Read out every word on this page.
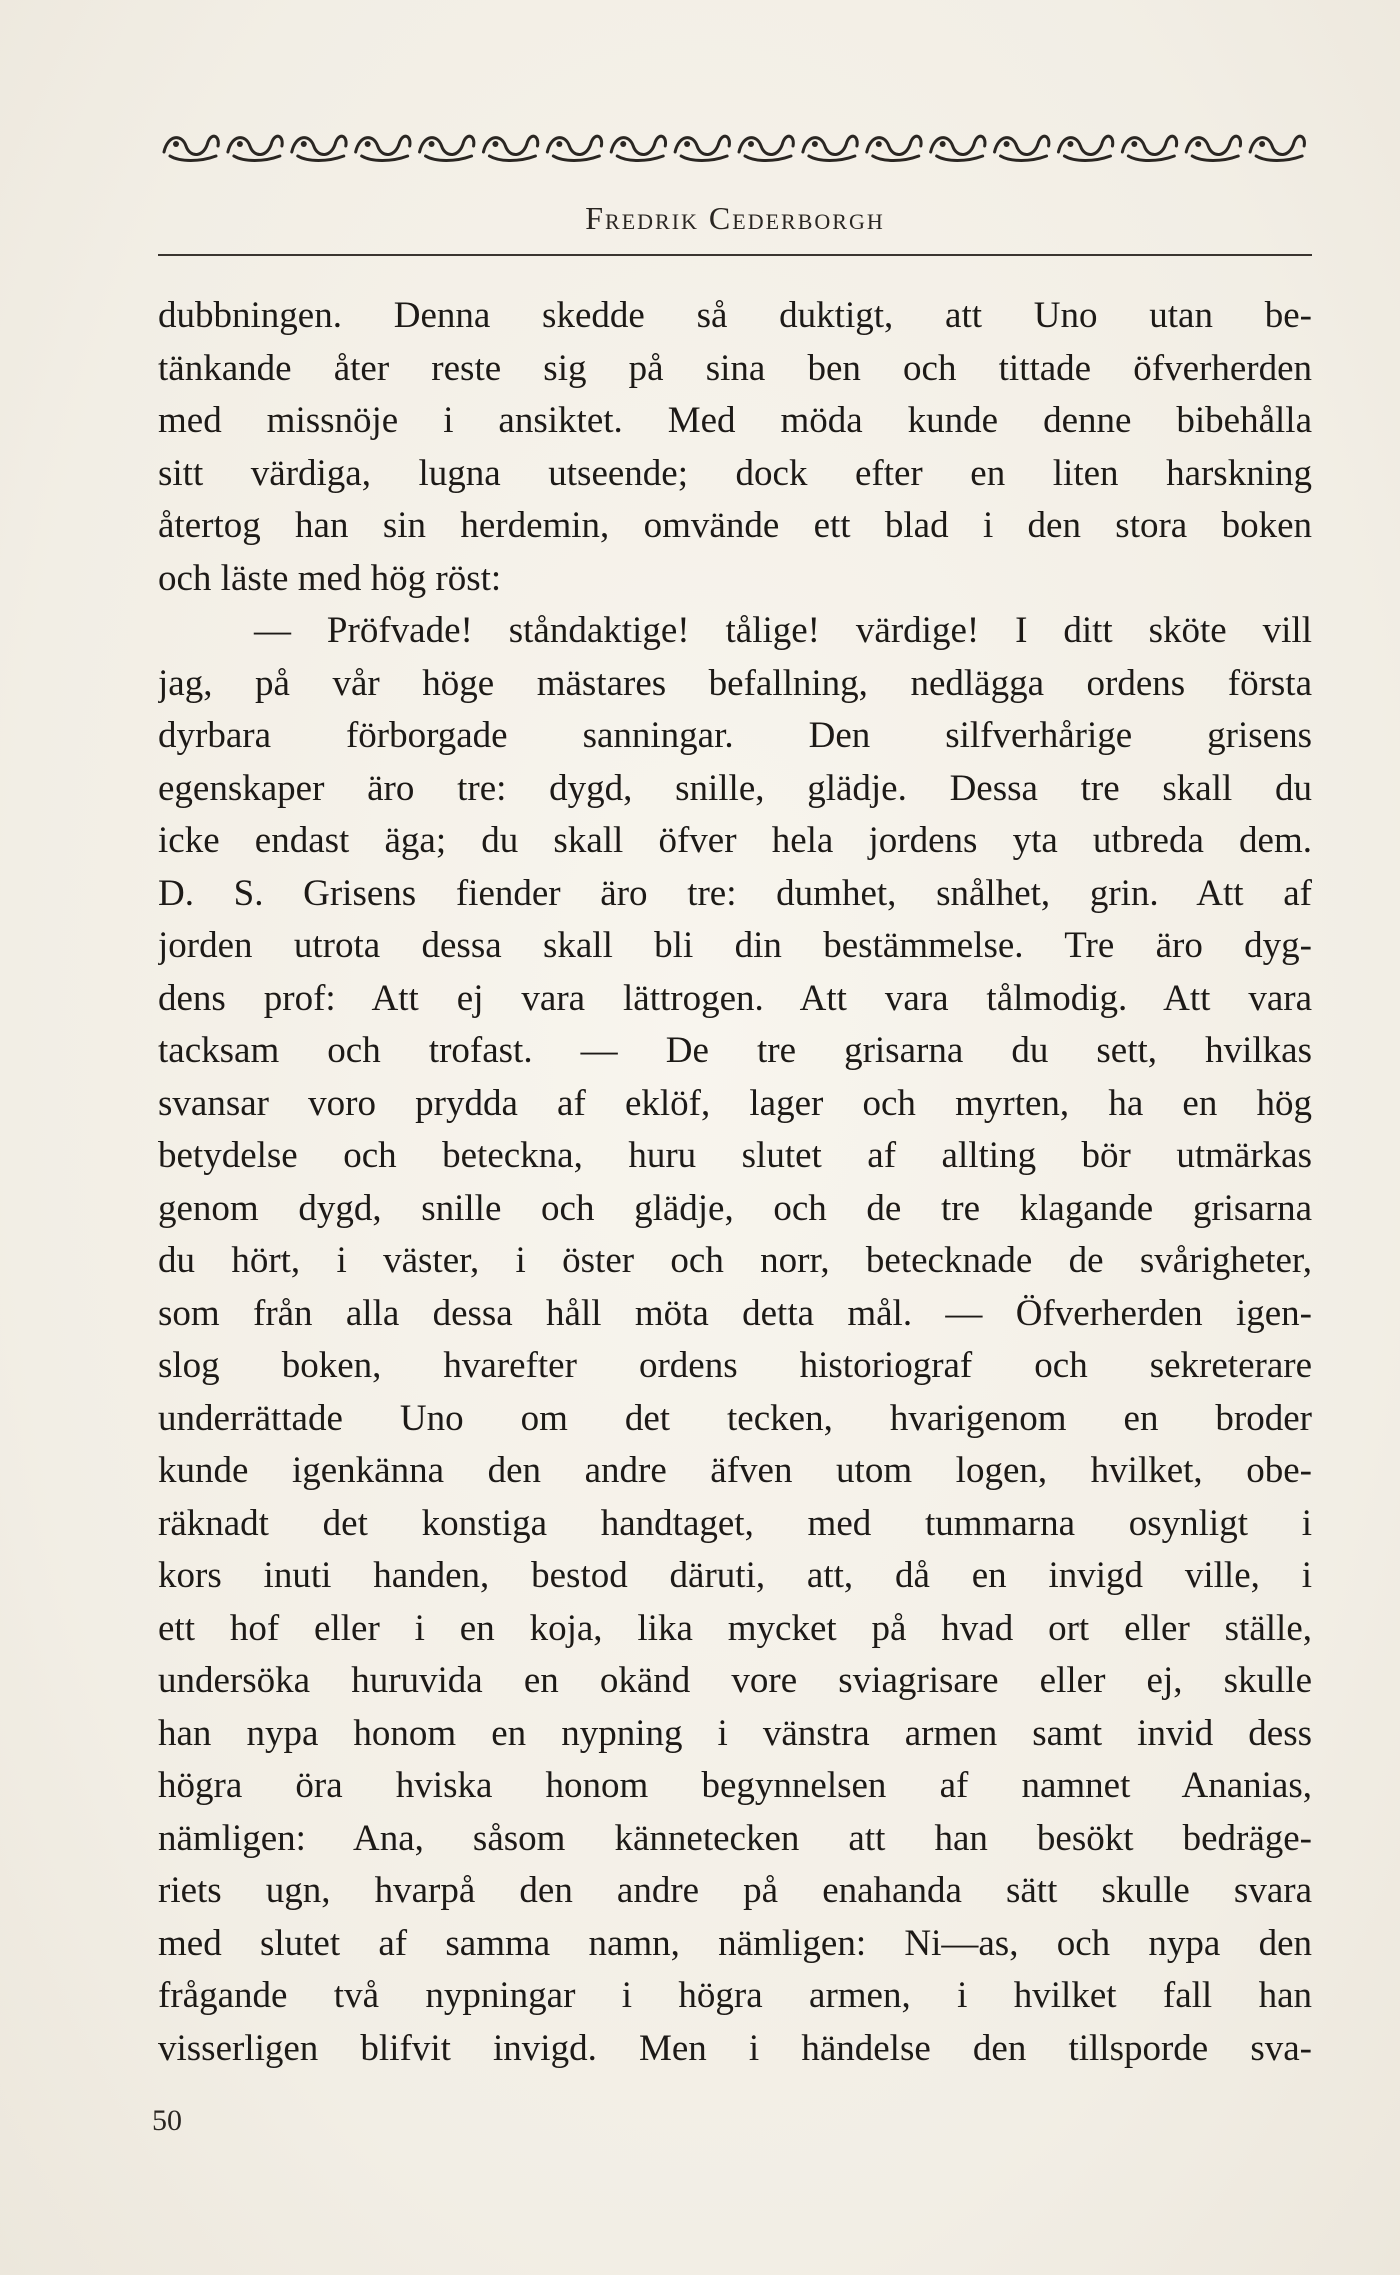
Fredrik Cederborgh
dubbningen. Denna skedde så duktigt, att Uno utan be-
tänkande åter reste sig på sina ben och tittade öfverherden
med missnöje i ansiktet. Med möda kunde denne bibehålla
sitt värdiga, lugna utseende; dock efter en liten harskning
återtog han sin herdemin, omvände ett blad i den stora boken
och läste med hög röst:
— Pröfvade! ståndaktige! tålige! värdige! I ditt sköte vill
jag, på vår höge mästares befallning, nedlägga ordens första
dyrbara förborgade sanningar. Den silfverhårige grisens
egenskaper äro tre: dygd, snille, glädje. Dessa tre skall du
icke endast äga; du skall öfver hela jordens yta utbreda dem.
D. S. Grisens fiender äro tre: dumhet, snålhet, grin. Att af
jorden utrota dessa skall bli din bestämmelse. Tre äro dyg-
dens prof: Att ej vara lättrogen. Att vara tålmodig. Att vara
tacksam och trofast. — De tre grisarna du sett, hvilkas
svansar voro prydda af eklöf, lager och myrten, ha en hög
betydelse och beteckna, huru slutet af allting bör utmärkas
genom dygd, snille och glädje, och de tre klagande grisarna
du hört, i väster, i öster och norr, betecknade de svårigheter,
som från alla dessa håll möta detta mål. — Öfverherden igen-
slog boken, hvarefter ordens historiograf och sekreterare
underrättade Uno om det tecken, hvarigenom en broder
kunde igenkänna den andre äfven utom logen, hvilket, obe-
räknadt det konstiga handtaget, med tummarna osynligt i
kors inuti handen, bestod däruti, att, då en invigd ville, i
ett hof eller i en koja, lika mycket på hvad ort eller ställe,
undersöka huruvida en okänd vore sviagrisare eller ej, skulle
han nypa honom en nypning i vänstra armen samt invid dess
högra öra hviska honom begynnelsen af namnet Ananias,
nämligen: Ana, såsom kännetecken att han besökt bedräge-
riets ugn, hvarpå den andre på enahanda sätt skulle svara
med slutet af samma namn, nämligen: Ni—as, och nypa den
frågande två nypningar i högra armen, i hvilket fall han
visserligen blifvit invigd. Men i händelse den tillsporde sva-
50
